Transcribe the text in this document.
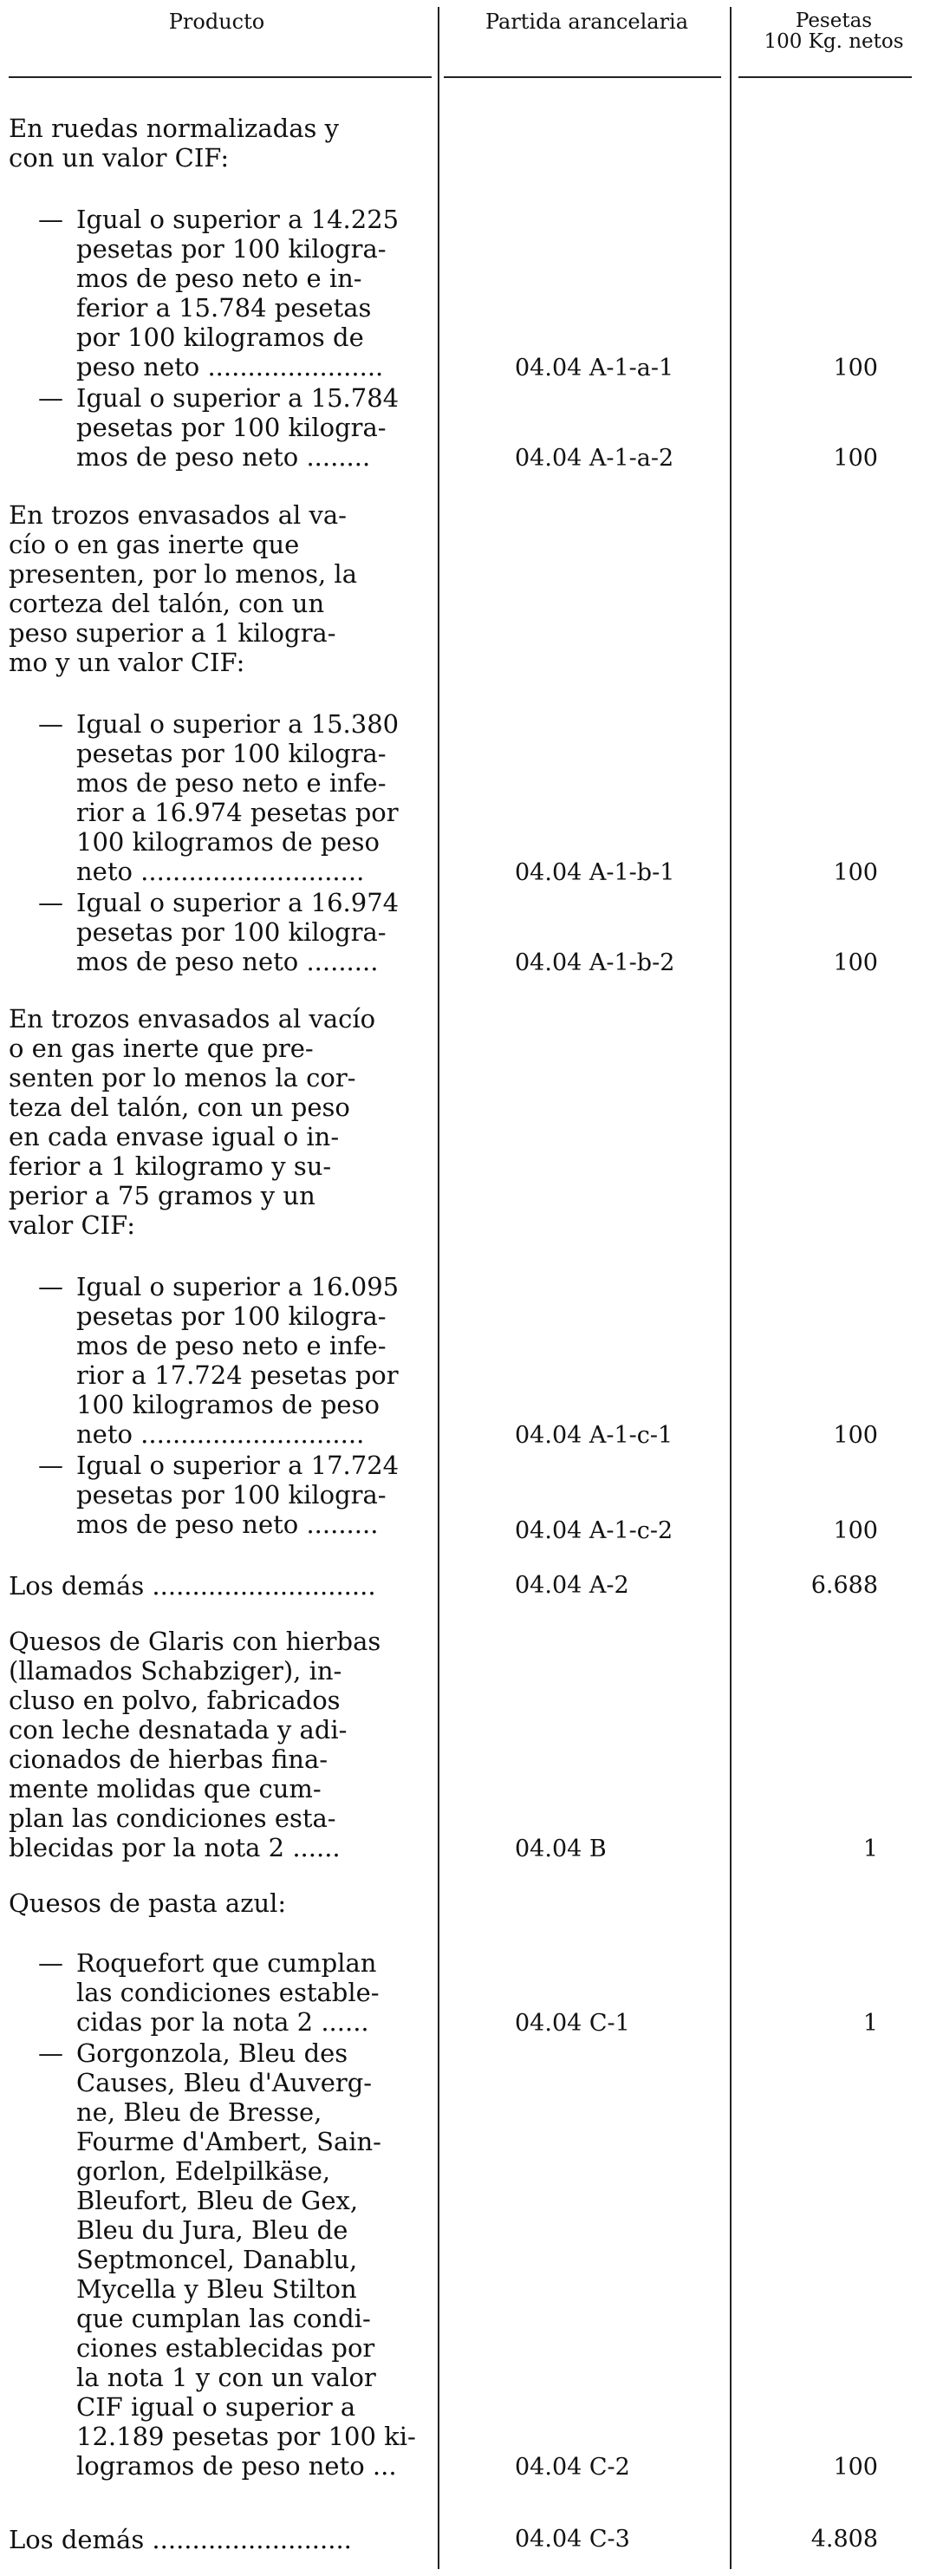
Producto	Partida arancelaria	Pesetas
100 Kg. netos
En ruedas normalizadas y
con un valor CIF:
— Igual o superior a 14.225
pesetas por 100 kilogra-
mos de peso neto e in-
ferior a 15.784 pesetas
por 100 kilogramos de
peso neto ......................	04.04 A-1-a-1	100
— Igual o superior a 15.784
pesetas por 100 kilogra-
mos de peso neto ........	04.04 A-1-a-2	100
En trozos envasados al va-
cío o en gas inerte que
presenten, por lo menos, la
corteza del talón, con un
peso superior a 1 kilogra-
mo y un valor CIF:
— Igual o superior a 15.380
pesetas por 100 kilogra-
mos de peso neto e infe-
rior a 16.974 pesetas por
100 kilogramos de peso
neto ............................	04.04 A-1-b-1	100
— Igual o superior a 16.974
pesetas por 100 kilogra-
mos de peso neto .........	04.04 A-1-b-2	100
En trozos envasados al vacío
o en gas inerte que pre-
senten por lo menos la cor-
teza del talón, con un peso
en cada envase igual o in-
ferior a 1 kilogramo y su-
perior a 75 gramos y un
valor CIF:
— Igual o superior a 16.095
pesetas por 100 kilogra-
mos de peso neto e infe-
rior a 17.724 pesetas por
100 kilogramos de peso
neto ............................	04.04 A-1-c-1	100
— Igual o superior a 17.724
pesetas por 100 kilogra-
mos de peso neto .........	04.04 A-1-c-2	100
Los demás ............................	04.04 A-2	6.688
Quesos de Glaris con hierbas
(llamados Schabziger), in-
cluso en polvo, fabricados
con leche desnatada y adi-
cionados de hierbas fina-
mente molidas que cum-
plan las condiciones esta-
blecidas por la nota 2 ......	04.04 B	1
Quesos de pasta azul:
— Roquefort que cumplan
las condiciones estable-
cidas por la nota 2 ......	04.04 C-1	1
— Gorgonzola, Bleu des
Causes, Bleu d'Auverg-
ne, Bleu de Bresse,
Fourme d'Ambert, Sain-
gorlon, Edelpilkäse,
Bleufort, Bleu de Gex,
Bleu du Jura, Bleu de
Septmoncel, Danablu,
Mycella y Bleu Stilton
que cumplan las condi-
ciones establecidas por
la nota 1 y con un valor
CIF igual o superior a
12.189 pesetas por 100 ki-
logramos de peso neto ...	04.04 C-2	100
Los demás .........................	04.04 C-3	4.808
